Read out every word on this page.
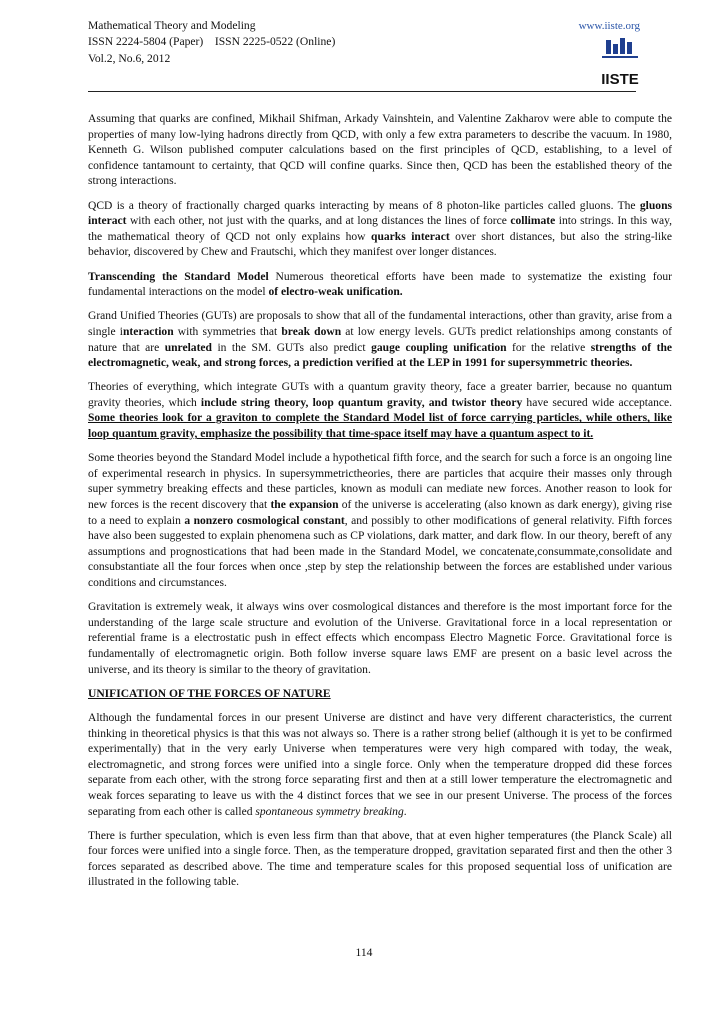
Mathematical Theory and Modeling
ISSN 2224-5804 (Paper)    ISSN 2225-0522 (Online)
Vol.2, No.6, 2012
www.iiste.org
IISTE

Assuming that quarks are confined, Mikhail Shifman, Arkady Vainshtein, and Valentine Zakharov were able to compute the properties of many low-lying hadrons directly from QCD, with only a few extra parameters to describe the vacuum. In 1980, Kenneth G. Wilson published computer calculations based on the first principles of QCD, establishing, to a level of confidence tantamount to certainty, that QCD will confine quarks. Since then, QCD has been the established theory of the strong interactions.

QCD is a theory of fractionally charged quarks interacting by means of 8 photon-like particles called gluons. The gluons interact with each other, not just with the quarks, and at long distances the lines of force collimate into strings. In this way, the mathematical theory of QCD not only explains how quarks interact over short distances, but also the string-like behavior, discovered by Chew and Frautschi, which they manifest over longer distances.

Transcending the Standard Model Numerous theoretical efforts have been made to systematize the existing four fundamental interactions on the model of electro-weak unification.

Grand Unified Theories (GUTs) are proposals to show that all of the fundamental interactions, other than gravity, arise from a single interaction with symmetries that break down at low energy levels. GUTs predict relationships among constants of nature that are unrelated in the SM. GUTs also predict gauge coupling unification for the relative strengths of the electromagnetic, weak, and strong forces, a prediction verified at the LEP in 1991 for supersymmetric theories.

Theories of everything, which integrate GUTs with a quantum gravity theory, face a greater barrier, because no quantum gravity theories, which include string theory, loop quantum gravity, and twistor theory have secured wide acceptance. Some theories look for a graviton to complete the Standard Model list of force carrying particles, while others, like loop quantum gravity, emphasize the possibility that time-space itself may have a quantum aspect to it.

Some theories beyond the Standard Model include a hypothetical fifth force, and the search for such a force is an ongoing line of experimental research in physics. In supersymmetrictheories, there are particles that acquire their masses only through super symmetry breaking effects and these particles, known as moduli can mediate new forces. Another reason to look for new forces is the recent discovery that the expansion of the universe is accelerating (also known as dark energy), giving rise to a need to explain a nonzero cosmological constant, and possibly to other modifications of general relativity. Fifth forces have also been suggested to explain phenomena such as CP violations, dark matter, and dark flow. In our theory, bereft of any assumptions and prognostications that had been made in the Standard Model, we concatenate,consummate,consolidate and consubstantiate all the four forces when once ,step by step the relationship between the forces are established under various conditions and circumstances.

Gravitation is extremely weak, it always wins over cosmological distances and therefore is the most important force for the understanding of the large scale structure and evolution of the Universe. Gravitational force in a local representation or referential frame is a electrostatic push in effect effects which encompass Electro Magnetic Force. Gravitational force is fundamentally of electromagnetic origin. Both follow inverse square laws EMF are present on a basic level across the universe, and its theory is similar to the theory of gravitation.

UNIFICATION OF THE FORCES OF NATURE

Although the fundamental forces in our present Universe are distinct and have very different characteristics, the current thinking in theoretical physics is that this was not always so. There is a rather strong belief (although it is yet to be confirmed experimentally) that in the very early Universe when temperatures were very high compared with today, the weak, electromagnetic, and strong forces were unified into a single force. Only when the temperature dropped did these forces separate from each other, with the strong force separating first and then at a still lower temperature the electromagnetic and weak forces separating to leave us with the 4 distinct forces that we see in our present Universe. The process of the forces separating from each other is called spontaneous symmetry breaking.

There is further speculation, which is even less firm than that above, that at even higher temperatures (the Planck Scale) all four forces were unified into a single force. Then, as the temperature dropped, gravitation separated first and then the other 3 forces separated as described above. The time and temperature scales for this proposed sequential loss of unification are illustrated in the following table.

114
